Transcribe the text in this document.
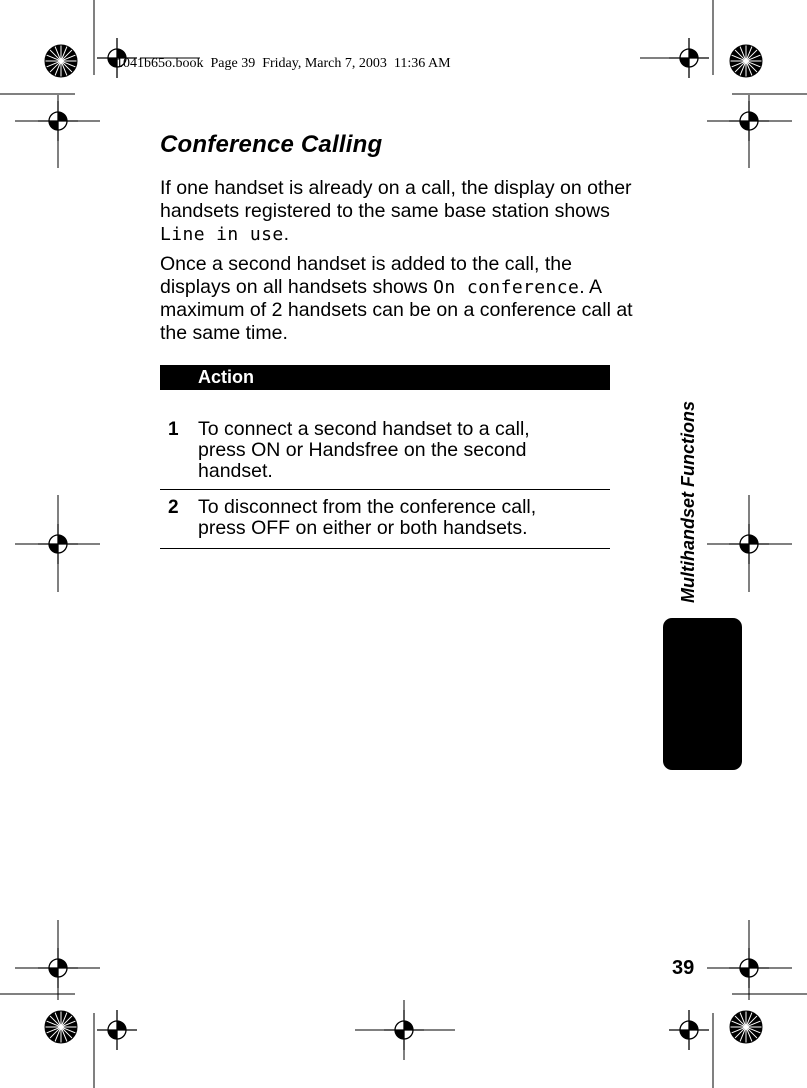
1041b65o.book  Page 39  Friday, March 7, 2003  11:36 AM
Conference Calling

If one handset is already on a call, the display on other handsets registered to the same base station shows Line in use.

Once a second handset is added to the call, the displays on all handsets shows On conference. A maximum of 2 handsets can be on a conference call at the same time.

Action
1 To connect a second handset to a call, press ON or Handsfree on the second handset.
2 To disconnect from the conference call, press OFF on either or both handsets.	Multihandset Functions
39
